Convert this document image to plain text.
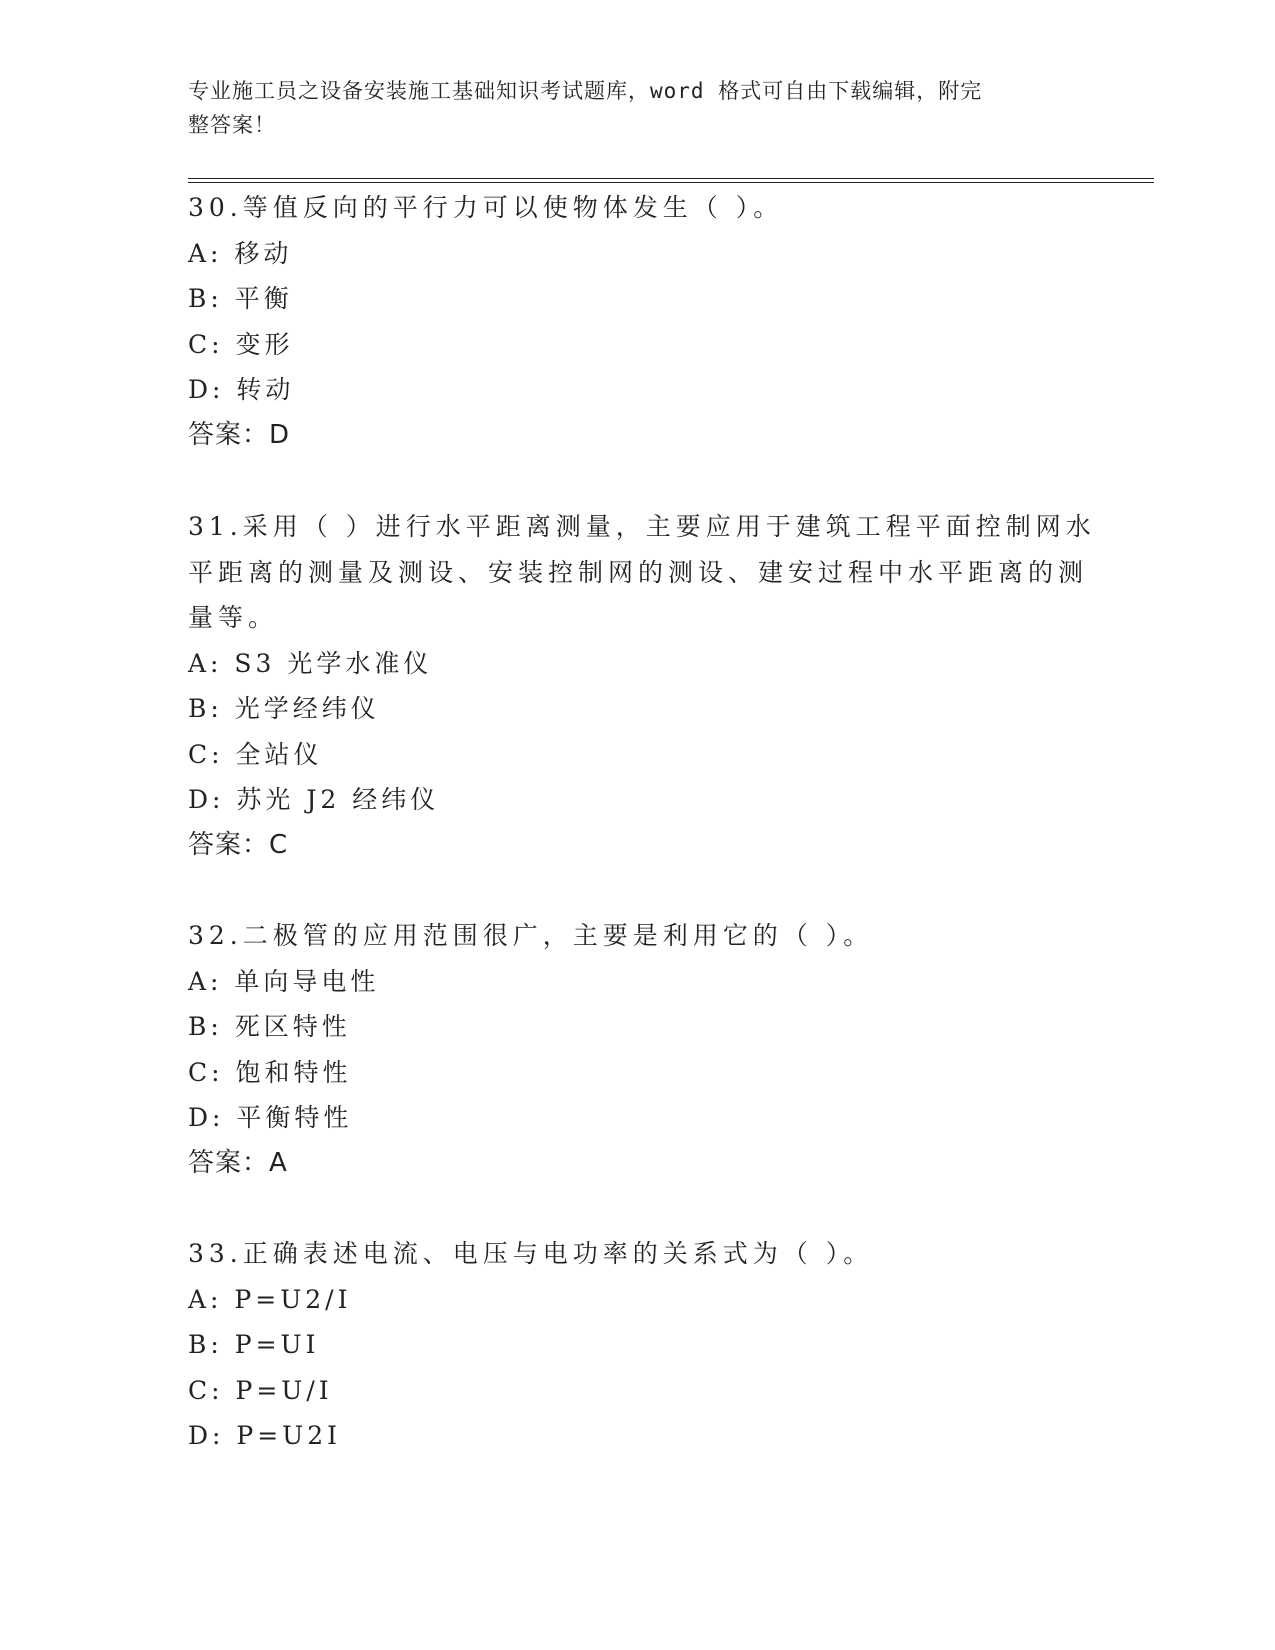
专业施工员之设备安装施工基础知识考试题库，word 格式可自由下载编辑，附完
整答案！
30.等值反向的平行力可以使物体发生（ ）。
A: 移动
B: 平衡
C: 变形
D: 转动
答案：D
31.采用（ ）进行水平距离测量，主要应用于建筑工程平面控制网水
平距离的测量及测设、安装控制网的测设、建安过程中水平距离的测
量等。
A: S3 光学水准仪
B: 光学经纬仪
C: 全站仪
D: 苏光 J2 经纬仪
答案：C
32.二极管的应用范围很广，主要是利用它的（ ）。
A: 单向导电性
B: 死区特性
C: 饱和特性
D: 平衡特性
答案：A
33.正确表述电流、电压与电功率的关系式为（ ）。
A: P=U2/I
B: P=UI
C: P=U/I
D: P=U2I
